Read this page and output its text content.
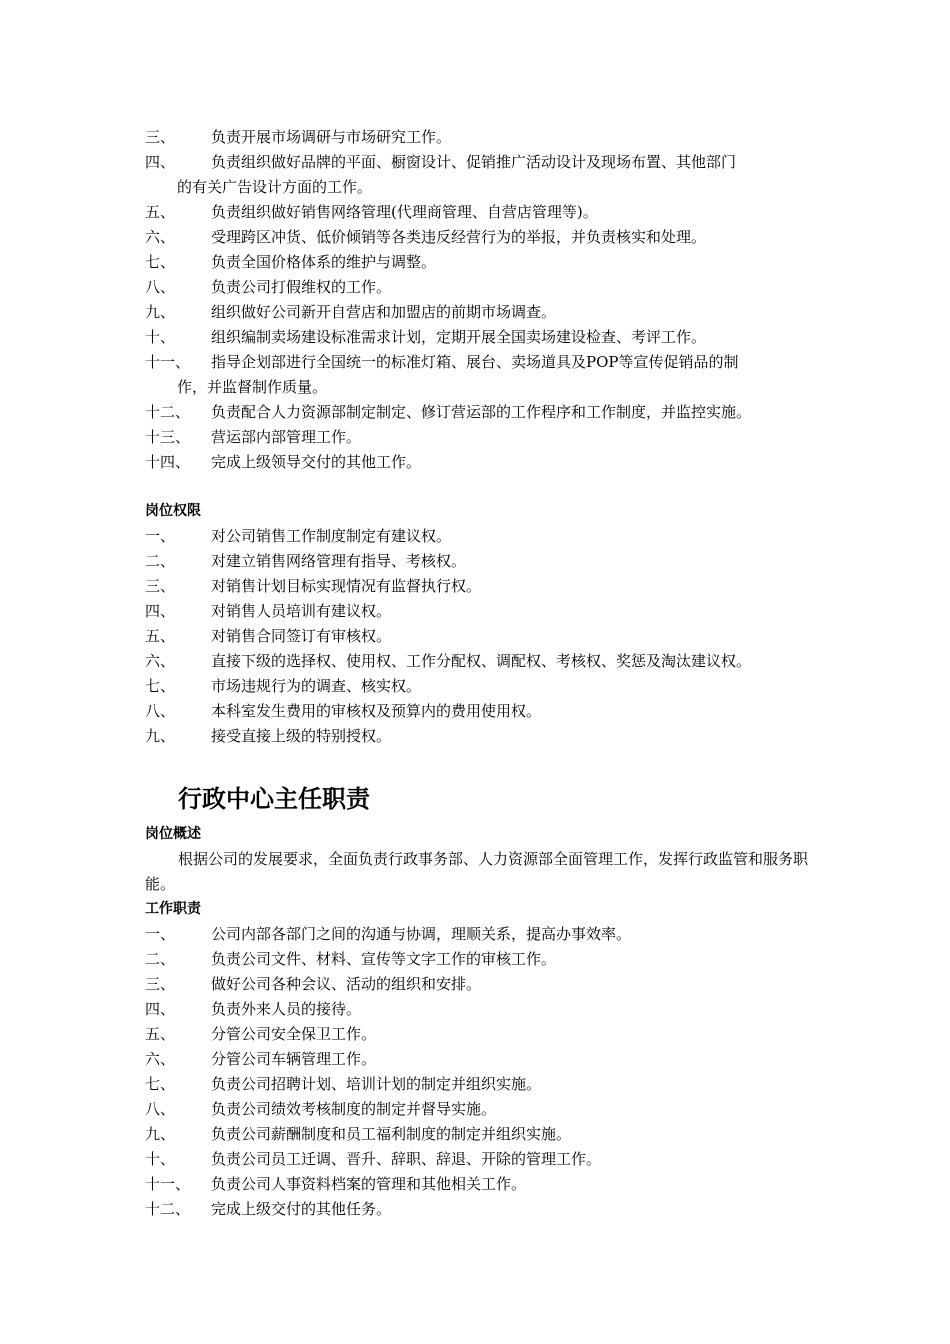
三、	负责开展市场调研与市场研究工作。
四、	负责组织做好品牌的平面、橱窗设计、促销推广活动设计及现场布置、其他部门
的有关广告设计方面的工作。
五、	负责组织做好销售网络管理(代理商管理、自营店管理等)。
六、	受理跨区冲货、低价倾销等各类违反经营行为的举报，并负责核实和处理。
七、	负责全国价格体系的维护与调整。
八、	负责公司打假维权的工作。
九、	组织做好公司新开自营店和加盟店的前期市场调查。
十、	组织编制卖场建设标准需求计划，定期开展全国卖场建设检查、考评工作。
十一、	指导企划部进行全国统一的标准灯箱、展台、卖场道具及POP等宣传促销品的制
作，并监督制作质量。
十二、	负责配合人力资源部制定制定、修订营运部的工作程序和工作制度，并监控实施。
十三、	营运部内部管理工作。
十四、	完成上级领导交付的其他工作。
岗位权限
一、	对公司销售工作制度制定有建议权。
二、	对建立销售网络管理有指导、考核权。
三、	对销售计划目标实现情况有监督执行权。
四、	对销售人员培训有建议权。
五、	对销售合同签订有审核权。
六、	直接下级的选择权、使用权、工作分配权、调配权、考核权、奖惩及淘汰建议权。
七、	市场违规行为的调查、核实权。
八、	本科室发生费用的审核权及预算内的费用使用权。
九、	接受直接上级的特别授权。
行政中心主任职责
岗位概述
根据公司的发展要求，全面负责行政事务部、人力资源部全面管理工作，发挥行政监管和服务职能。
工作职责
一、	公司内部各部门之间的沟通与协调，理顺关系，提高办事效率。
二、	负责公司文件、材料、宣传等文字工作的审核工作。
三、	做好公司各种会议、活动的组织和安排。
四、	负责外来人员的接待。
五、	分管公司安全保卫工作。
六、	分管公司车辆管理工作。
七、	负责公司招聘计划、培训计划的制定并组织实施。
八、	负责公司绩效考核制度的制定并督导实施。
九、	负责公司薪酬制度和员工福利制度的制定并组织实施。
十、	负责公司员工迁调、晋升、辞职、辞退、开除的管理工作。
十一、	负责公司人事资料档案的管理和其他相关工作。
十二、	完成上级交付的其他任务。
